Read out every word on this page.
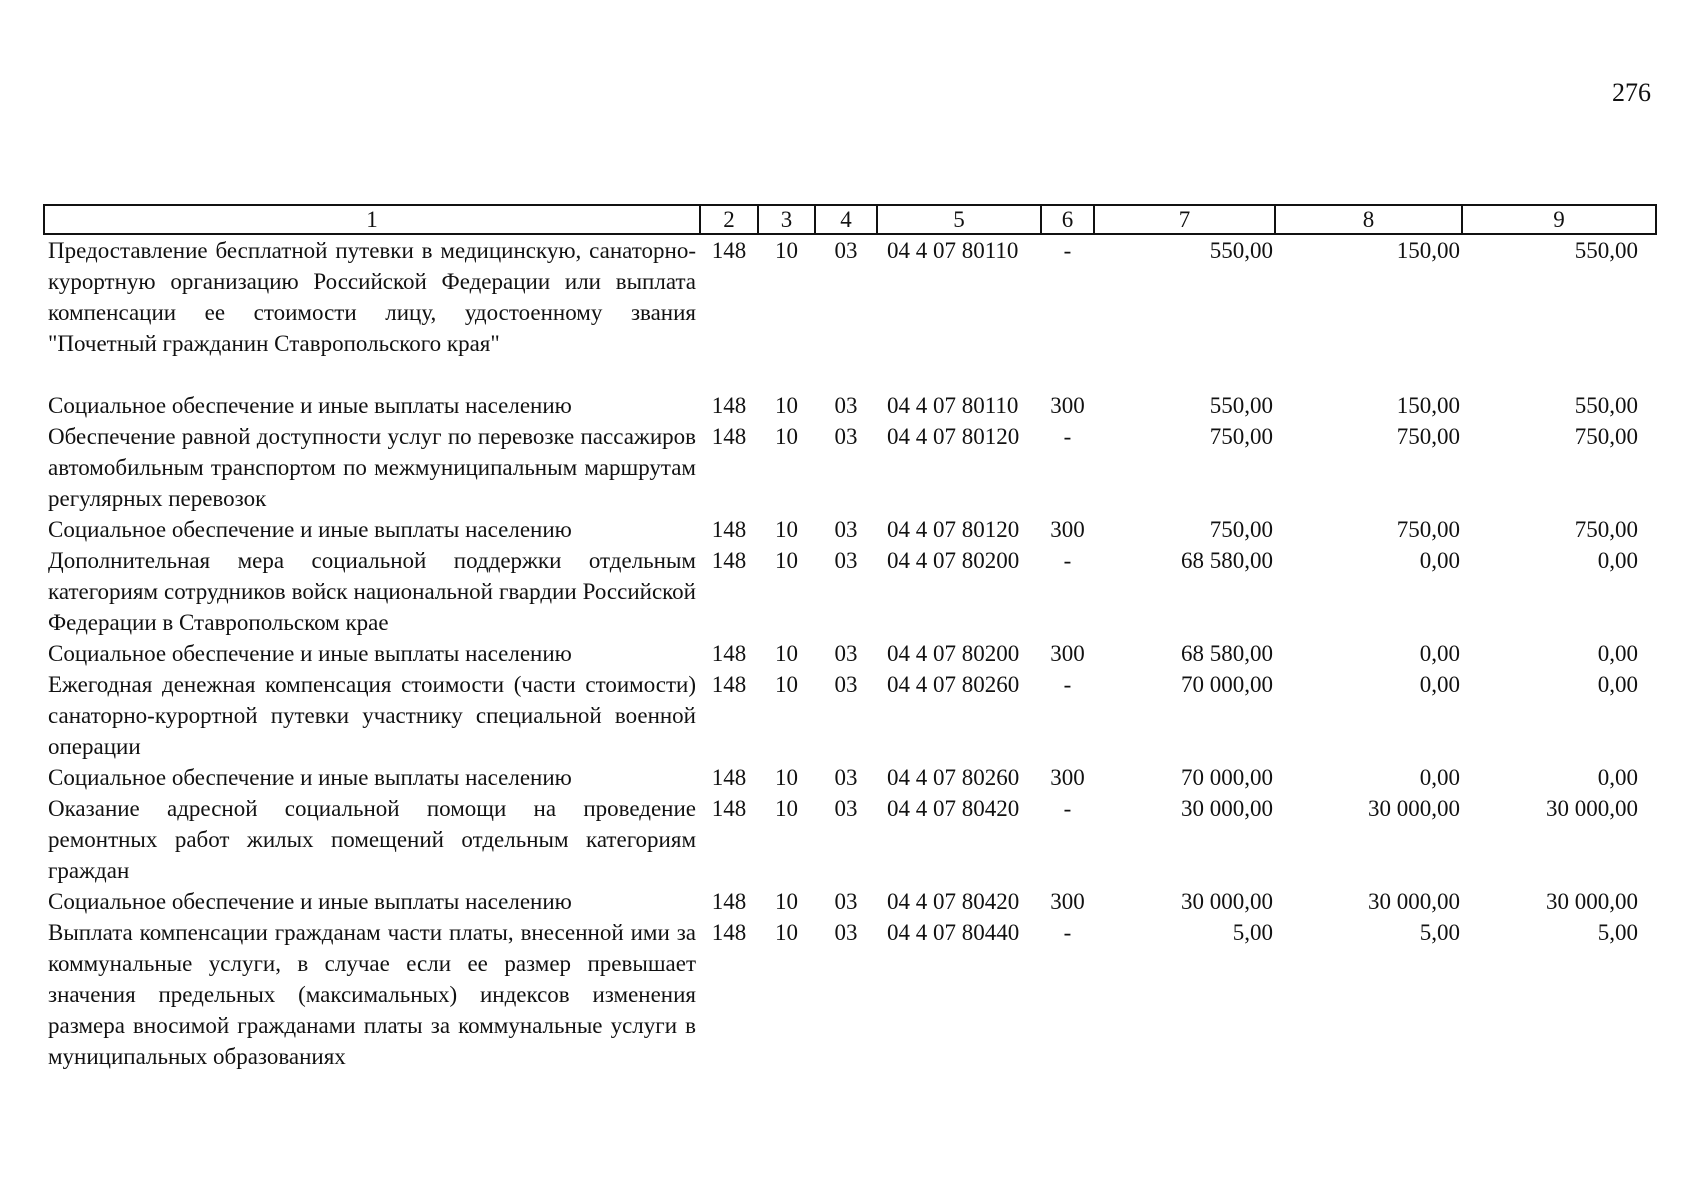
276
1	2	3	4	5	6	7	8	9
Предоставление бесплатной путевки в медицинскую, санаторно-курортную организацию Российской Федерации или выплата компенсации ее стоимости лицу, удостоенному звания "Почетный гражданин Ставропольского края"	148	10	03	04 4 07 80110	-	550,00	150,00	550,00
Социальное обеспечение и иные выплаты населению	148	10	03	04 4 07 80110	300	550,00	150,00	550,00
Обеспечение равной доступности услуг по перевозке пассажиров автомобильным транспортом по межмуниципальным маршрутам регулярных перевозок	148	10	03	04 4 07 80120	-	750,00	750,00	750,00
Социальное обеспечение и иные выплаты населению	148	10	03	04 4 07 80120	300	750,00	750,00	750,00
Дополнительная мера социальной поддержки отдельным категориям сотрудников войск национальной гвардии Российской Федерации в Ставропольском крае	148	10	03	04 4 07 80200	-	68 580,00	0,00	0,00
Социальное обеспечение и иные выплаты населению	148	10	03	04 4 07 80200	300	68 580,00	0,00	0,00
Ежегодная денежная компенсация стоимости (части стоимости) санаторно-курортной путевки участнику специальной военной операции	148	10	03	04 4 07 80260	-	70 000,00	0,00	0,00
Социальное обеспечение и иные выплаты населению	148	10	03	04 4 07 80260	300	70 000,00	0,00	0,00
Оказание адресной социальной помощи на проведение ремонтных работ жилых помещений отдельным категориям граждан	148	10	03	04 4 07 80420	-	30 000,00	30 000,00	30 000,00
Социальное обеспечение и иные выплаты населению	148	10	03	04 4 07 80420	300	30 000,00	30 000,00	30 000,00
Выплата компенсации гражданам части платы, внесенной ими за коммунальные услуги, в случае если ее размер превышает значения предельных (максимальных) индексов изменения размера вносимой гражданами платы за коммунальные услуги в муниципальных образованиях	148	10	03	04 4 07 80440	-	5,00	5,00	5,00
